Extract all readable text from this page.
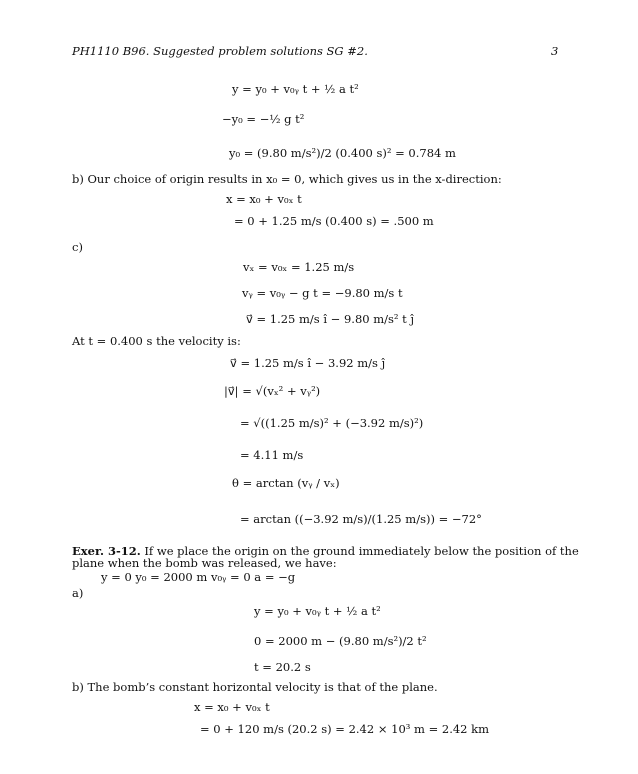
PH1110 B96. Suggested problem solutions SG #2.	3
y = y₀ + v₀ᵧ t + ½ a t²
−y₀ = −½ g t²
y₀ = (9.80 m/s²)/2 (0.400 s)² = 0.784 m
b) Our choice of origin results in x₀ = 0, which gives us in the x-direction:
x = x₀ + v₀ₓ t
= 0 + 1.25 m/s (0.400 s) = .500 m
c)
vₓ = v₀ₓ = 1.25 m/s
vᵧ = v₀ᵧ − g t = −9.80 m/s t
v⃗ = 1.25 m/s î − 9.80 m/s² t ĵ
At t = 0.400 s the velocity is:
v⃗ = 1.25 m/s î − 3.92 m/s ĵ
|v⃗| = √(vₓ² + vᵧ²)
= √((1.25 m/s)² + (−3.92 m/s)²)
= 4.11 m/s
θ = arctan (vᵧ / vₓ)
= arctan ((−3.92 m/s)/(1.25 m/s)) = −72°
Exer. 3-12. If we place the origin on the ground immediately below the position of the
plane when the bomb was released, we have:
y = 0 y₀ = 2000 m v₀ᵧ = 0 a = −g
a)
y = y₀ + v₀ᵧ t + ½ a t²
0 = 2000 m − (9.80 m/s²)/2 t²
t = 20.2 s
b) The bomb’s constant horizontal velocity is that of the plane.
x = x₀ + v₀ₓ t
= 0 + 120 m/s (20.2 s) = 2.42 × 10³ m = 2.42 km
